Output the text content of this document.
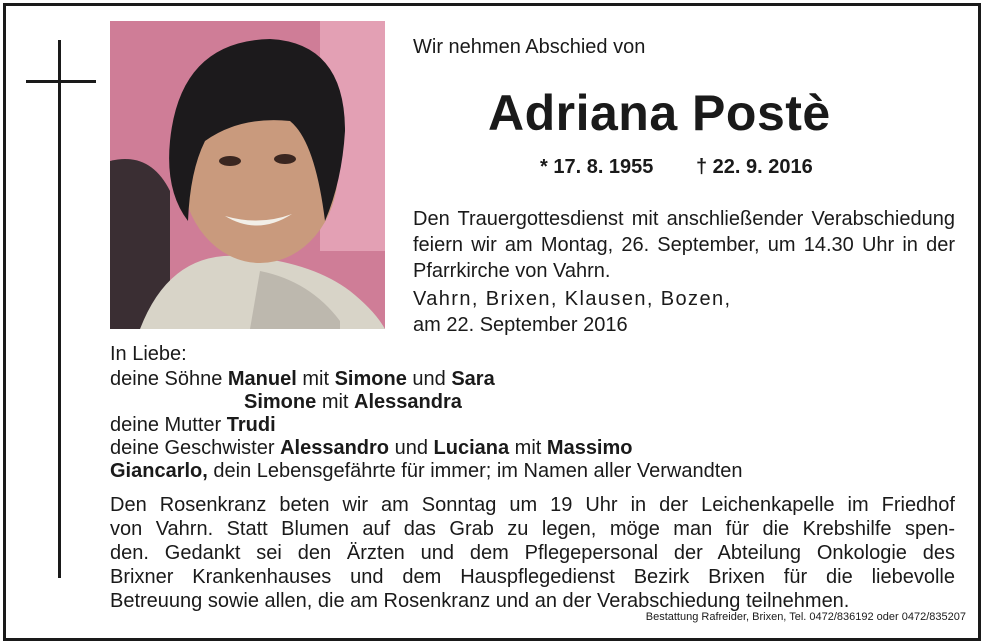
Wir nehmen Abschied von
Adriana Postè
* 17. 8. 1955 † 22. 9. 2016
Den Trauergottesdienst mit anschließender Verabschiedung feiern wir am Montag, 26. September, um 14.30 Uhr in der Pfarrkirche von Vahrn.
Vahrn, Brixen, Klausen, Bozen,
am 22. September 2016
In Liebe:
deine Söhne Manuel mit Simone und Sara
Simone mit Alessandra
deine Mutter Trudi
deine Geschwister Alessandro und Luciana mit Massimo
Giancarlo, dein Lebensgefährte für immer; im Namen aller Verwandten
Den Rosenkranz beten wir am Sonntag um 19 Uhr in der Leichenkapelle im Friedhof
von Vahrn. Statt Blumen auf das Grab zu legen, möge man für die Krebshilfe spen-
den. Gedankt sei den Ärzten und dem Pflegepersonal der Abteilung Onkologie des
Brixner Krankenhauses und dem Hauspflegedienst Bezirk Brixen für die liebevolle
Betreuung sowie allen, die am Rosenkranz und an der Verabschiedung teilnehmen.
Bestattung Rafreider, Brixen, Tel. 0472/836192 oder 0472/835207
